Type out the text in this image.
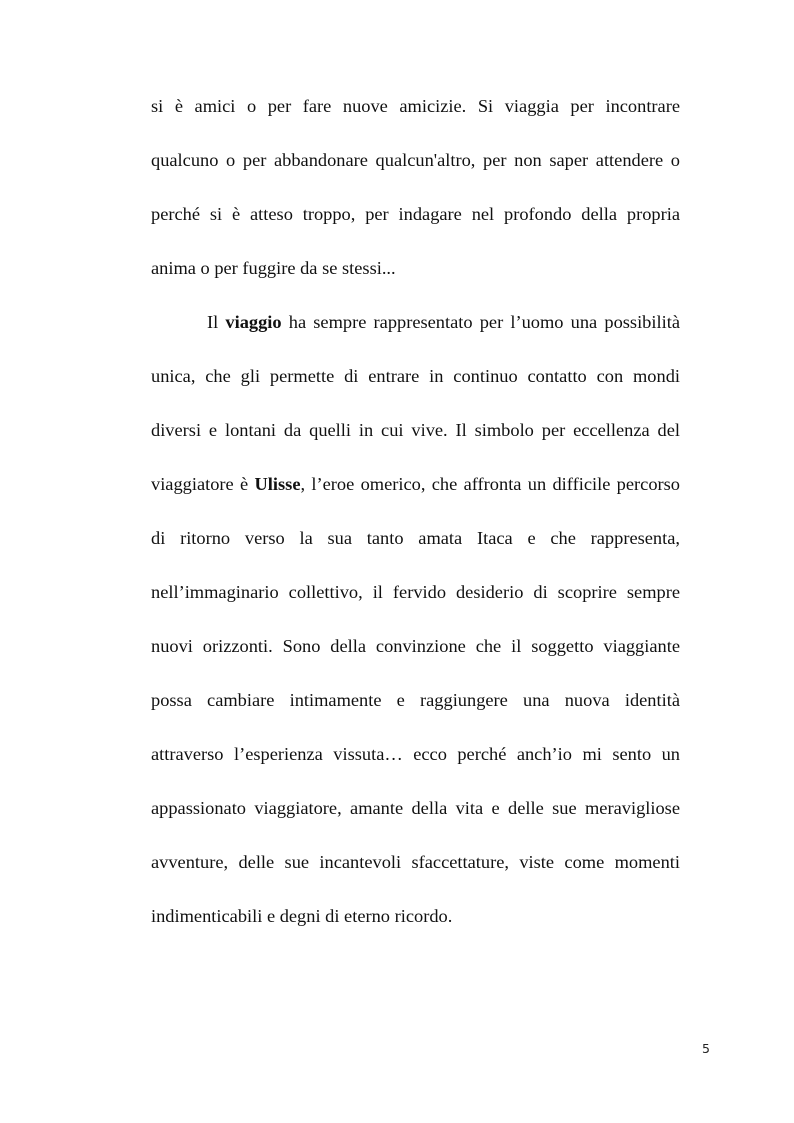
si è amici o per fare nuove amicizie. Si viaggia per incontrare
qualcuno o per abbandonare qualcun'altro, per non saper attendere o
perché si è atteso troppo, per indagare nel profondo della propria
anima o per fuggire da se stessi...
Il viaggio ha sempre rappresentato per l’uomo una possibilità
unica, che gli permette di entrare in continuo contatto con mondi
diversi e lontani da quelli in cui vive. Il simbolo per eccellenza del
viaggiatore è Ulisse, l’eroe omerico, che affronta un difficile percorso
di ritorno verso la sua tanto amata Itaca e che rappresenta,
nell’immaginario collettivo, il fervido desiderio di scoprire sempre
nuovi orizzonti. Sono della convinzione che il soggetto viaggiante
possa cambiare intimamente e raggiungere una nuova identità
attraverso l’esperienza vissuta… ecco perché anch’io mi sento un
appassionato viaggiatore, amante della vita e delle sue meravigliose
avventure, delle sue incantevoli sfaccettature, viste come momenti
indimenticabili e degni di eterno ricordo.
5
